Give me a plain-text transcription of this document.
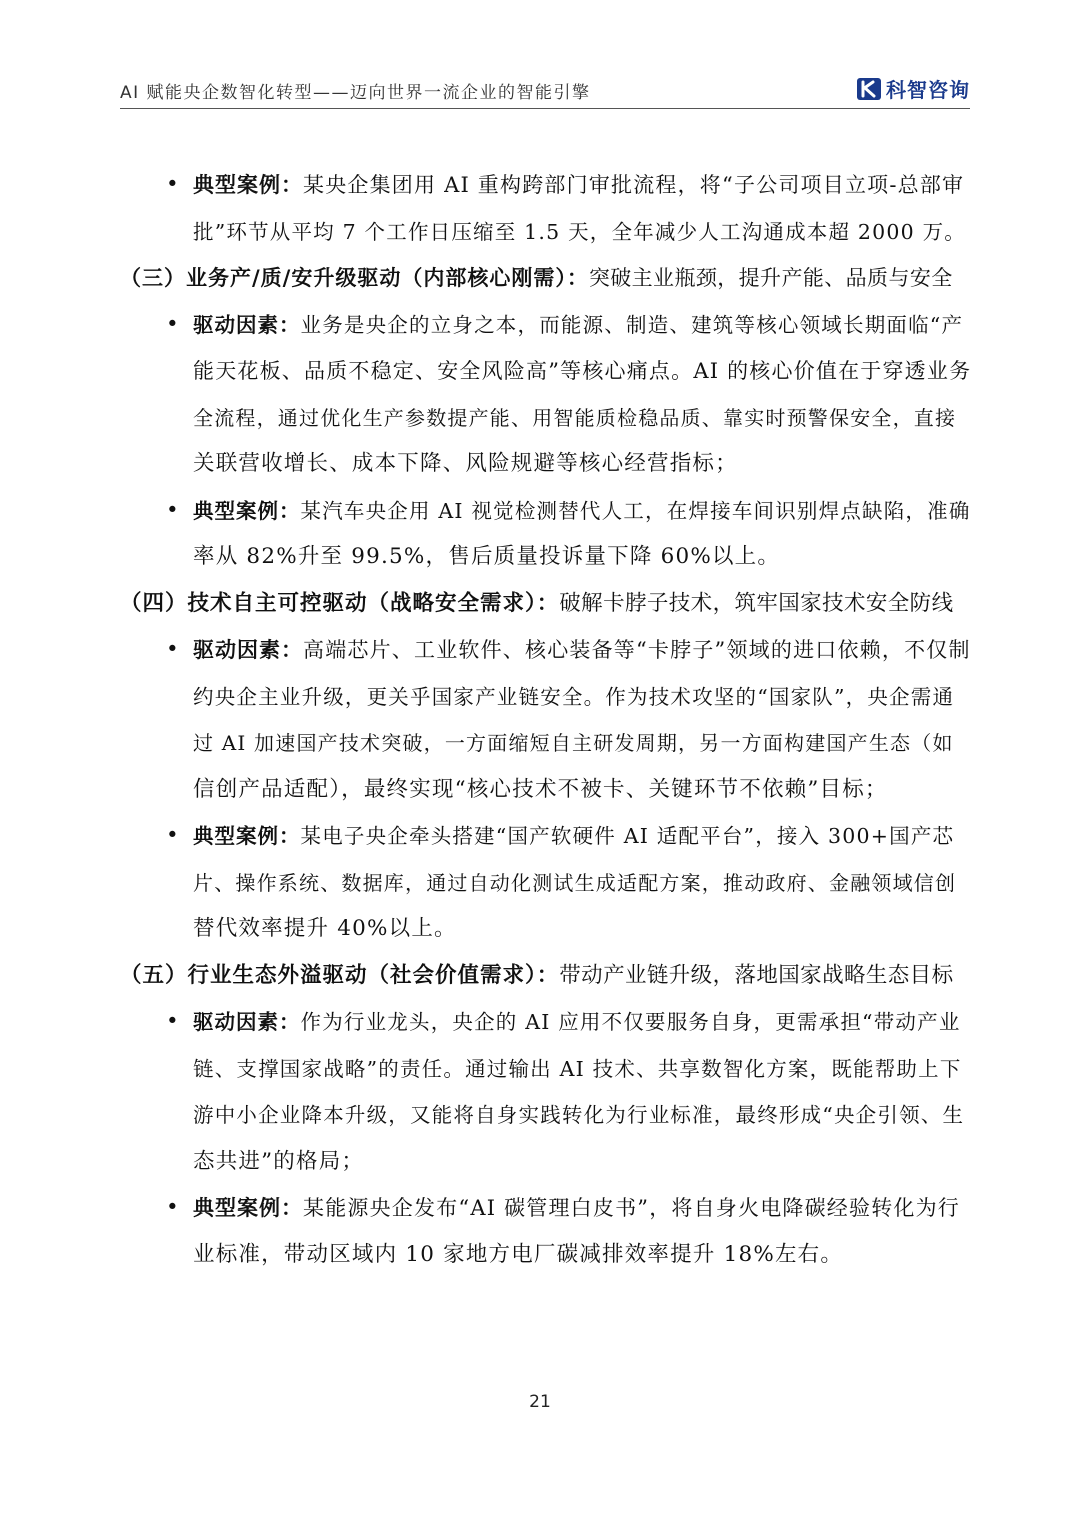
AI 赋能央企数智化转型——迈向世界一流企业的智能引擎	科智咨询
• 典型案例：某央企集团用 AI 重构跨部门审批流程，将“子公司项目立项-总部审
批”环节从平均 7 个工作日压缩至 1.5 天，全年减少人工沟通成本超 2000 万。
（三）业务产/质/安升级驱动（内部核心刚需）：突破主业瓶颈，提升产能、品质与安全
• 驱动因素：业务是央企的立身之本，而能源、制造、建筑等核心领域长期面临“产
能天花板、品质不稳定、安全风险高”等核心痛点。AI 的核心价值在于穿透业务
全流程，通过优化生产参数提产能、用智能质检稳品质、靠实时预警保安全，直接
关联营收增长、成本下降、风险规避等核心经营指标；
• 典型案例：某汽车央企用 AI 视觉检测替代人工，在焊接车间识别焊点缺陷，准确
率从 82%升至 99.5%，售后质量投诉量下降 60%以上。
（四）技术自主可控驱动（战略安全需求）：破解卡脖子技术，筑牢国家技术安全防线
• 驱动因素：高端芯片、工业软件、核心装备等“卡脖子”领域的进口依赖，不仅制
约央企主业升级，更关乎国家产业链安全。作为技术攻坚的“国家队”，央企需通
过 AI 加速国产技术突破，一方面缩短自主研发周期，另一方面构建国产生态（如
信创产品适配），最终实现“核心技术不被卡、关键环节不依赖”目标；
• 典型案例：某电子央企牵头搭建“国产软硬件 AI 适配平台”，接入 300+国产芯
片、操作系统、数据库，通过自动化测试生成适配方案，推动政府、金融领域信创
替代效率提升 40%以上。
（五）行业生态外溢驱动（社会价值需求）：带动产业链升级，落地国家战略生态目标
• 驱动因素：作为行业龙头，央企的 AI 应用不仅要服务自身，更需承担“带动产业
链、支撑国家战略”的责任。通过输出 AI 技术、共享数智化方案，既能帮助上下
游中小企业降本升级，又能将自身实践转化为行业标准，最终形成“央企引领、生
态共进”的格局；
• 典型案例：某能源央企发布“AI 碳管理白皮书”，将自身火电降碳经验转化为行
业标准，带动区域内 10 家地方电厂碳减排效率提升 18%左右。
21
